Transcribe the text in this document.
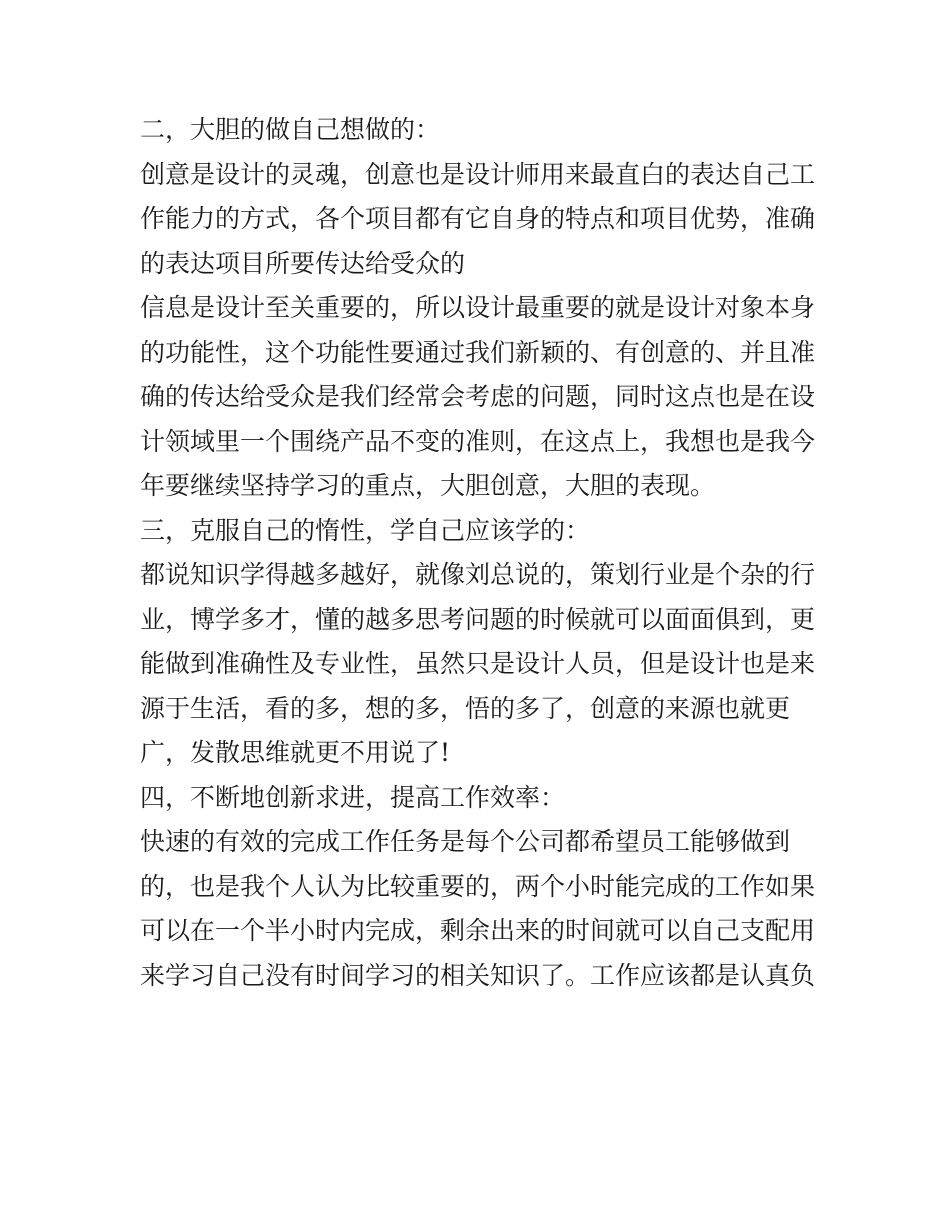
二，大胆的做自己想做的：
创意是设计的灵魂，创意也是设计师用来最直白的表达自己工
作能力的方式，各个项目都有它自身的特点和项目优势，准确
的表达项目所要传达给受众的
信息是设计至关重要的，所以设计最重要的就是设计对象本身
的功能性，这个功能性要通过我们新颖的、有创意的、并且准
确的传达给受众是我们经常会考虑的问题，同时这点也是在设
计领域里一个围绕产品不变的准则，在这点上，我想也是我今
年要继续坚持学习的重点，大胆创意，大胆的表现。
三，克服自己的惰性，学自己应该学的：
都说知识学得越多越好，就像刘总说的，策划行业是个杂的行
业，博学多才，懂的越多思考问题的时候就可以面面俱到，更
能做到准确性及专业性，虽然只是设计人员，但是设计也是来
源于生活，看的多，想的多，悟的多了，创意的来源也就更
广，发散思维就更不用说了!
四，不断地创新求进，提高工作效率：
快速的有效的完成工作任务是每个公司都希望员工能够做到
的，也是我个人认为比较重要的，两个小时能完成的工作如果
可以在一个半小时内完成，剩余出来的时间就可以自己支配用
来学习自己没有时间学习的相关知识了。工作应该都是认真负
